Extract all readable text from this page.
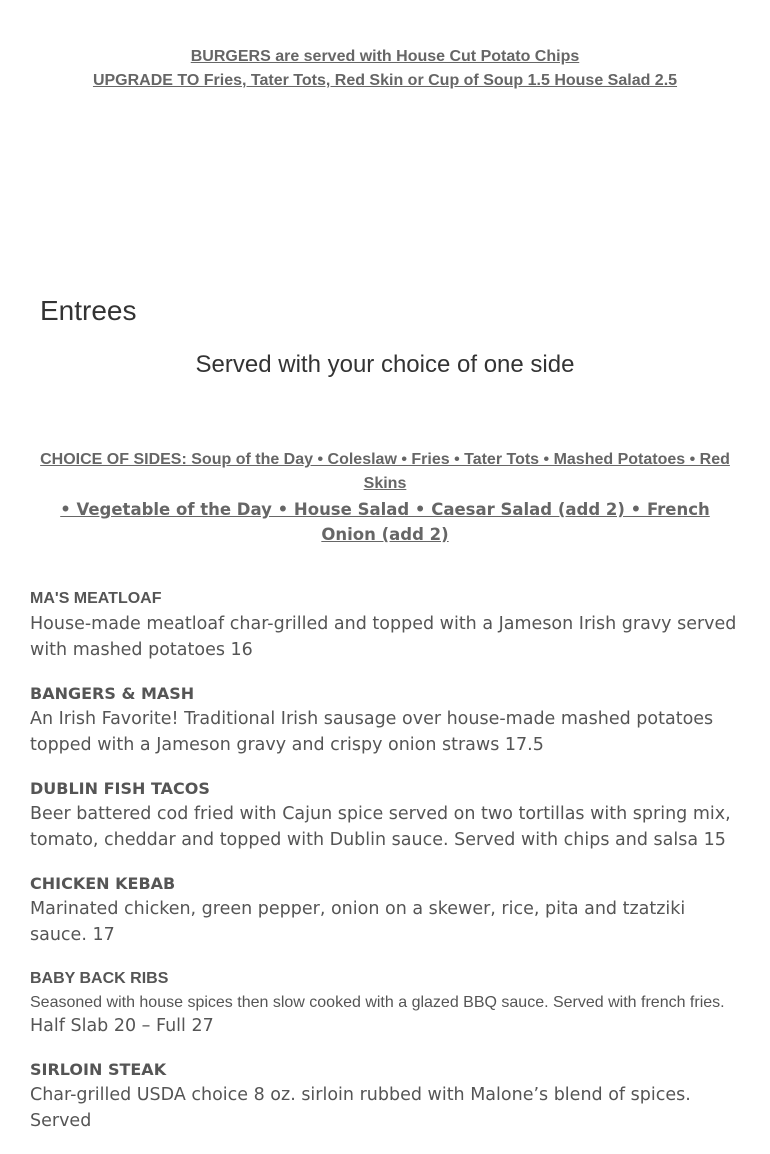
BURGERS are served with House Cut Potato Chips
UPGRADE TO Fries, Tater Tots, Red Skin or Cup of Soup 1.5 House Salad 2.5
Entrees
Served with your choice of one side
CHOICE OF SIDES: Soup of the Day • Coleslaw • Fries • Tater Tots • Mashed Potatoes • Red Skins
• Vegetable of the Day • House Salad • Caesar Salad (add 2) • French Onion (add 2)
MA'S MEATLOAF
House-made meatloaf char-grilled and topped with a Jameson Irish gravy served with mashed potatoes 16
BANGERS & MASH
An Irish Favorite! Traditional Irish sausage over house-made mashed potatoes topped with a Jameson gravy and crispy onion straws 17.5
DUBLIN FISH TACOS
Beer battered cod fried with Cajun spice served on two tortillas with spring mix, tomato, cheddar and topped with Dublin sauce. Served with chips and salsa 15
CHICKEN KEBAB
Marinated chicken, green pepper, onion on a skewer, rice, pita and tzatziki sauce. 17
BABY BACK RIBS
Seasoned with house spices then slow cooked with a glazed BBQ sauce. Served with french fries.
Half Slab 20 – Full 27
SIRLOIN STEAK
Char-grilled USDA choice 8 oz. sirloin rubbed with Malone’s blend of spices. Served
